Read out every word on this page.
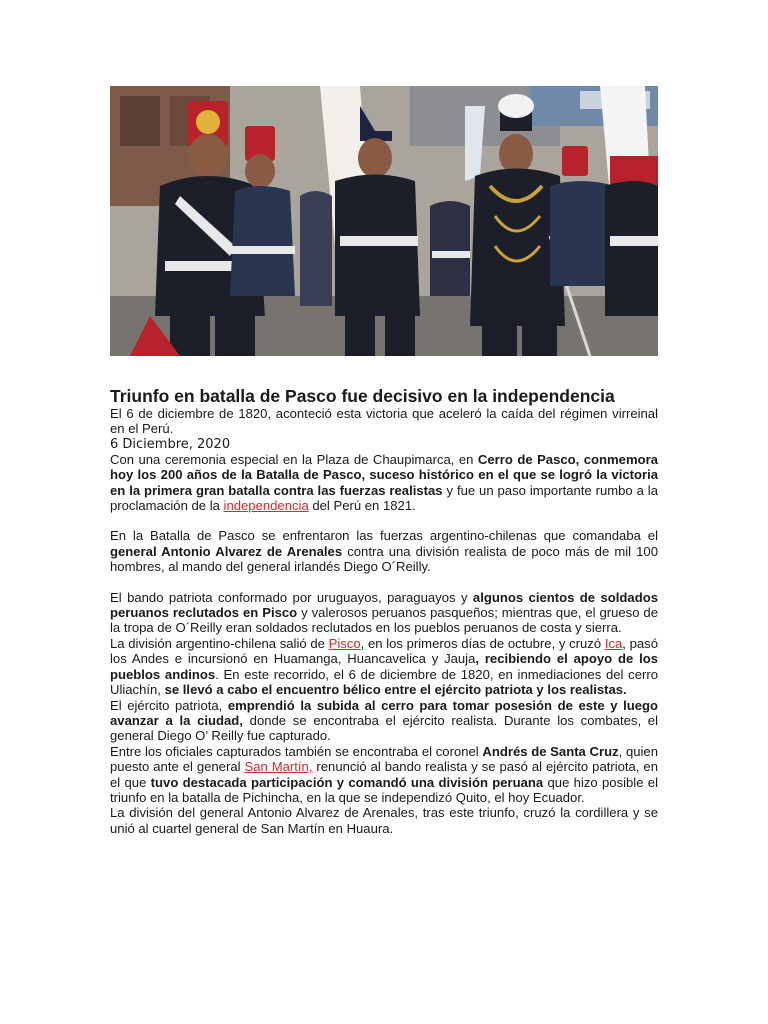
Triunfo en batalla de Pasco fue decisivo en la independencia

El 6 de diciembre de 1820, aconteció esta victoria que aceleró la caída del régimen virreinal en el Perú.

6 Diciembre, 2020

Con una ceremonia especial en la Plaza de Chaupimarca, en Cerro de Pasco, conmemora hoy los 200 años de la Batalla de Pasco, suceso histórico en el que se logró la victoria en la primera gran batalla contra las fuerzas realistas y fue un paso importante rumbo a la proclamación de la independencia del Perú en 1821.

En la Batalla de Pasco se enfrentaron las fuerzas argentino-chilenas que comandaba el general Antonio Alvarez de Arenales contra una división realista de poco más de mil 100 hombres, al mando del general irlandés Diego O´Reilly.

El bando patriota conformado por uruguayos, paraguayos y algunos cientos de soldados peruanos reclutados en Pisco y valerosos peruanos pasqueños; mientras que, el grueso de la tropa de O´Reilly eran soldados reclutados en los pueblos peruanos de costa y sierra.

La división argentino-chilena salió de Pisco, en los primeros días de octubre, y cruzó Ica, pasó los Andes e incursionó en Huamanga, Huancavelica y Jauja, recibiendo el apoyo de los pueblos andinos. En este recorrido, el 6 de diciembre de 1820, en inmediaciones del cerro Uliachín, se llevó a cabo el encuentro bélico entre el ejército patriota y los realistas.

El ejército patriota, emprendió la subida al cerro para tomar posesión de este y luego avanzar a la ciudad, donde se encontraba el ejército realista. Durante los combates, el general Diego O’ Reilly fue capturado.

Entre los oficiales capturados también se encontraba el coronel Andrés de Santa Cruz, quien puesto ante el general San Martín, renunció al bando realista y se pasó al ejército patriota, en el que tuvo destacada participación y comandó una división peruana que hizo posible el triunfo en la batalla de Pichincha, en la que se independizó Quito, el hoy Ecuador.

La división del general Antonio Alvarez de Arenales, tras este triunfo, cruzó la cordillera y se unió al cuartel general de San Martín en Huaura.
